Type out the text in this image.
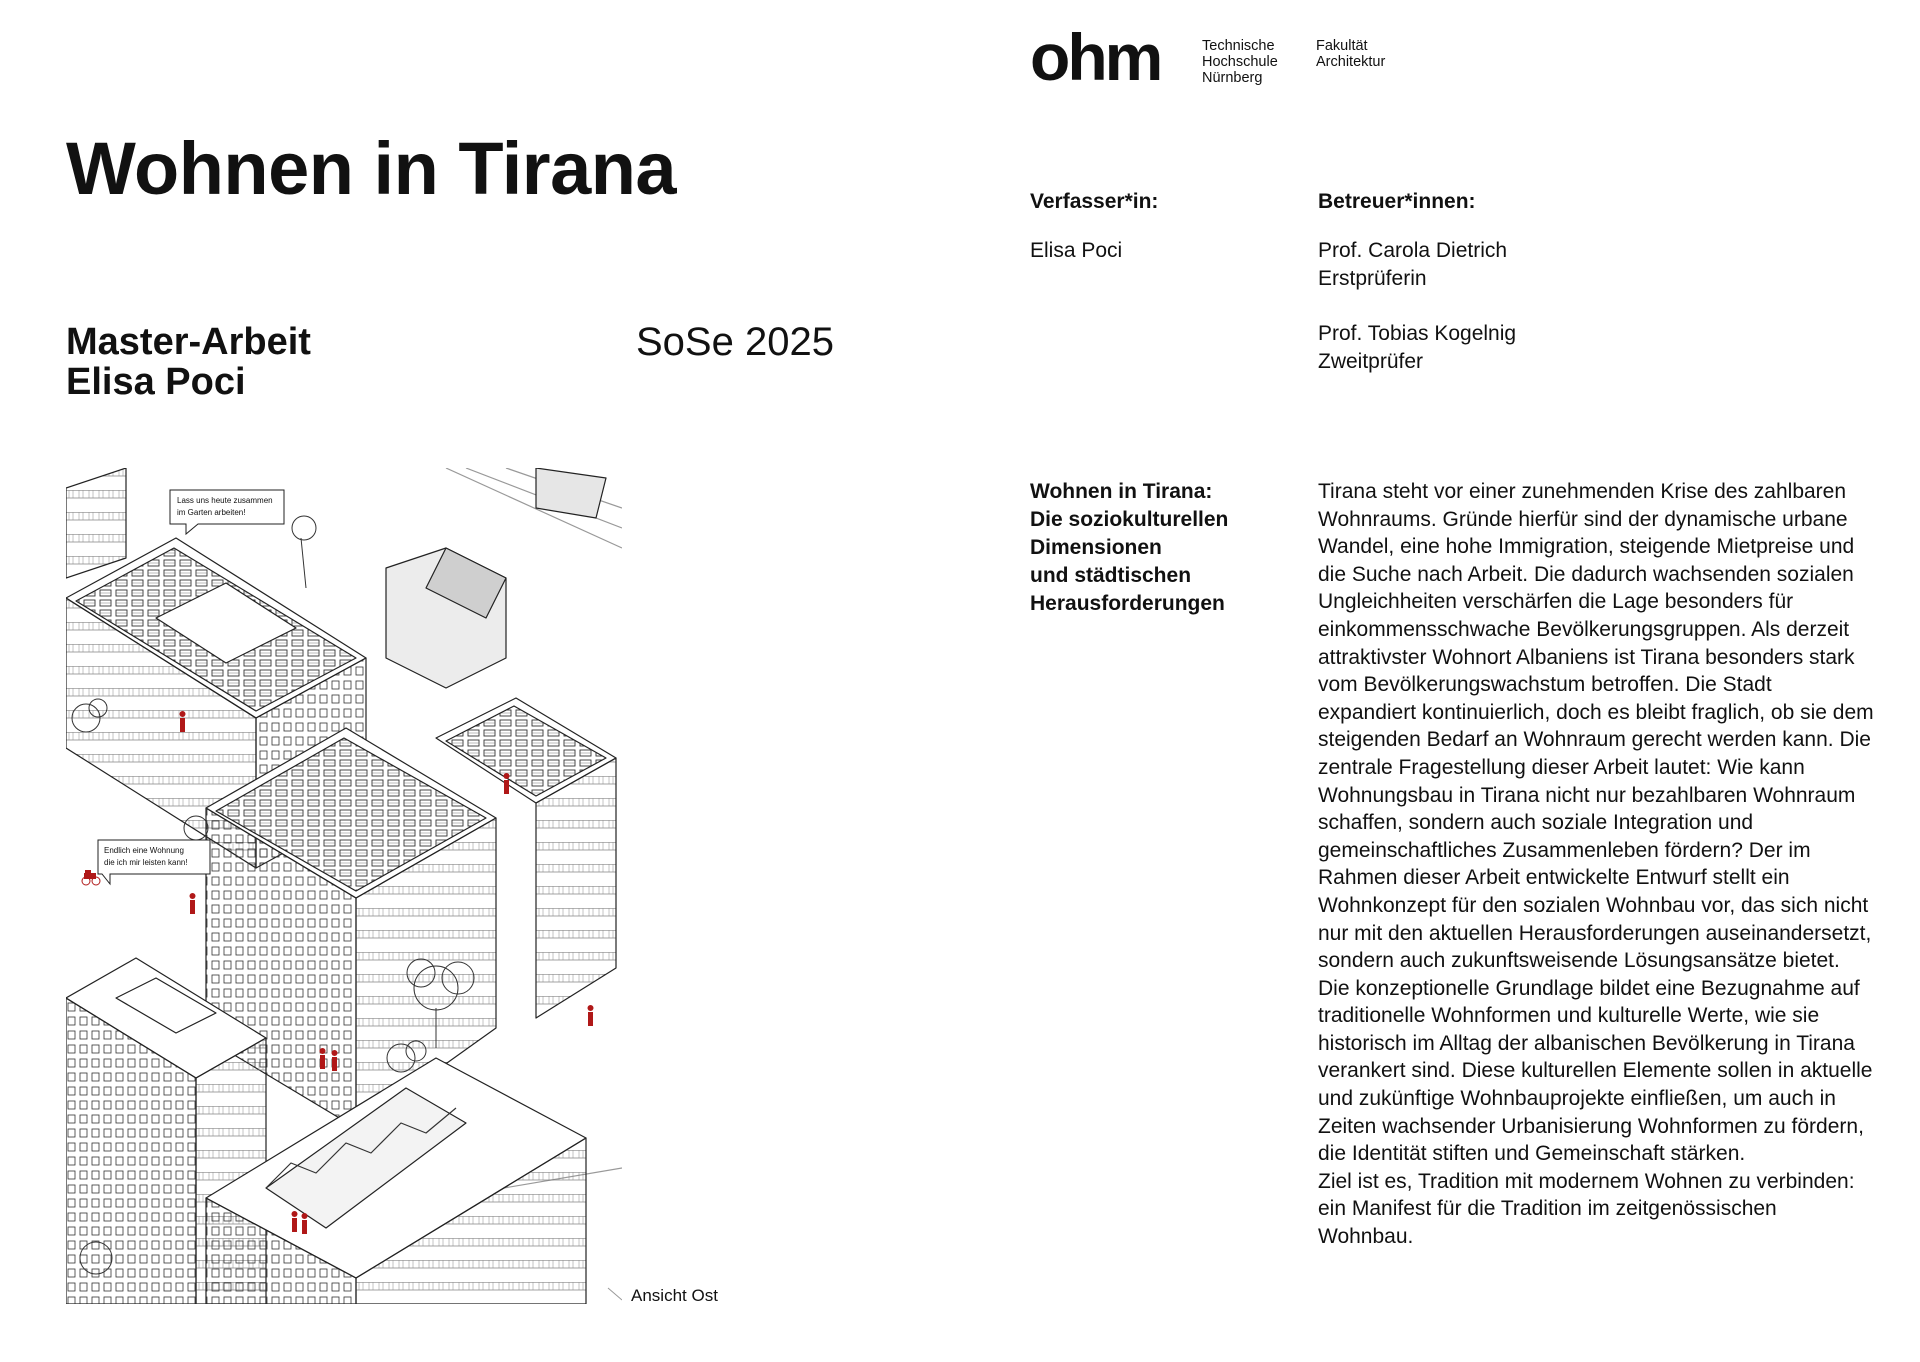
Wohnen in Tirana
Master-Arbeit
Elisa Poci
SoSe 2025
Lass uns heute zusammen
im Garten arbeiten!
Endlich eine Wohnung
die ich mir leisten kann!
Ansicht Ost
ohm	Technische
Hochschule
Nürnberg
Fakultät
Architektur
Verfasser*in:
Elisa Poci
Betreuer*innen:
Prof. Carola Dietrich
Erstprüferin
Prof. Tobias Kogelnig
Zweitprüfer
Wohnen in Tirana:
Die soziokulturellen
Dimensionen
und städtischen
Herausforderungen

Tirana steht vor einer zunehmenden Krise des zahlbaren Wohnraums. Gründe hierfür sind der dynamische urbane Wandel, eine hohe Immigration, steigende Mietpreise und die Suche nach Arbeit. Die dadurch wachsenden sozialen Ungleichheiten verschärfen die Lage besonders für einkommensschwache Bevölkerungsgruppen. Als derzeit attraktivster Wohnort Albaniens ist Tirana besonders stark vom Bevölkerungswachstum betroffen. Die Stadt expandiert kontinuierlich, doch es bleibt fraglich, ob sie dem steigenden Bedarf an Wohnraum gerecht werden kann. Die zentrale Fragestellung dieser Arbeit lautet: Wie kann Wohnungsbau in Tirana nicht nur bezahlbaren Wohnraum schaffen, sondern auch soziale Integration und gemeinschaftliches Zusammenleben fördern? Der im Rahmen dieser Arbeit entwickelte Entwurf stellt ein Wohnkonzept für den sozialen Wohnbau vor, das sich nicht nur mit den aktuellen Herausforderungen auseinandersetzt, sondern auch zukunftsweisende Lösungsansätze bietet. Die konzeptionelle Grundlage bildet eine Bezugnahme auf traditionelle Wohnformen und kulturelle Werte, wie sie historisch im Alltag der albanischen Bevölkerung in Tirana verankert sind. Diese kulturellen Elemente sollen in aktuelle und zukünftige Wohnbauprojekte einfließen, um auch in Zeiten wachsender Urbanisierung Wohnformen zu fördern, die Identität stiften und Gemeinschaft stärken.

Ziel ist es, Tradition mit modernem Wohnen zu verbinden: ein Manifest für die Tradition im zeitgenössischen Wohnbau.
